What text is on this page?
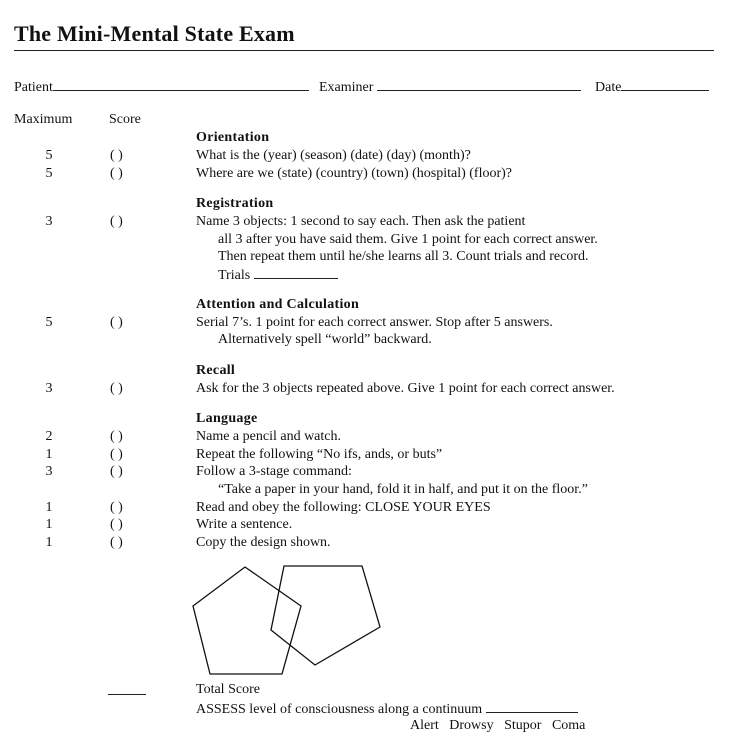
The Mini-Mental State Exam
Patient	Examiner	Date
Maximum	Score
Orientation
5	( )	What is the (year) (season) (date) (day) (month)?
5	( )	Where are we (state) (country) (town) (hospital) (floor)?
Registration
3	( )	Name 3 objects: 1 second to say each. Then ask the patient
all 3 after you have said them. Give 1 point for each correct answer.
Then repeat them until he/she learns all 3. Count trials and record.
Trials
Attention and Calculation
5	( )	Serial 7’s. 1 point for each correct answer. Stop after 5 answers.
Alternatively spell “world” backward.
Recall
3	( )	Ask for the 3 objects repeated above. Give 1 point for each correct answer.
Language
2	( )	Name a pencil and watch.
1	( )	Repeat the following “No ifs, ands, or buts”
3	( )	Follow a 3-stage command:
“Take a paper in your hand, fold it in half, and put it on the floor.”
1	( )	Read and obey the following: CLOSE YOUR EYES
1	( )	Write a sentence.
1	( )	Copy the design shown.
Total Score
ASSESS level of consciousness along a continuum
Alert Drowsy Stupor Coma
